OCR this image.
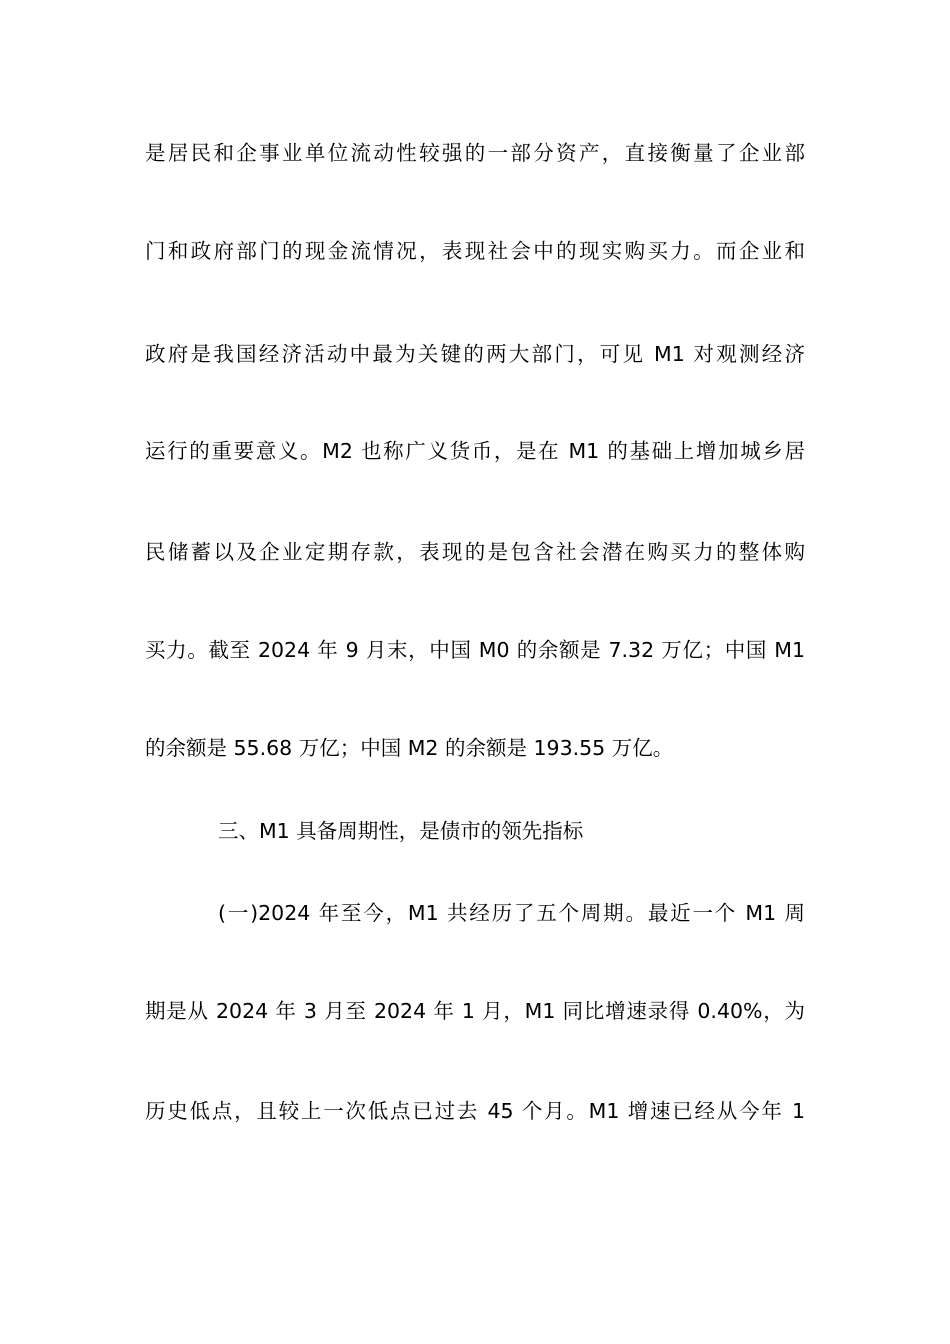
是居民和企事业单位流动性较强的一部分资产，直接衡量了企业部
门和政府部门的现金流情况，表现社会中的现实购买力。而企业和
政府是我国经济活动中最为关键的两大部门，可见 M1 对观测经济
运行的重要意义。M2 也称广义货币，是在 M1 的基础上增加城乡居
民储蓄以及企业定期存款，表现的是包含社会潜在购买力的整体购
买力。截至 2024 年 9 月末，中国 M0 的余额是 7.32 万亿；中国 M1
的余额是 55.68 万亿；中国 M2 的余额是 193.55 万亿。
三、M1 具备周期性，是债市的领先指标
(一)2024 年至今，M1 共经历了五个周期。最近一个 M1 周
期是从 2024 年 3 月至 2024 年 1 月，M1 同比增速录得 0.40%，为
历史低点，且较上一次低点已过去 45 个月。M1 增速已经从今年 1
